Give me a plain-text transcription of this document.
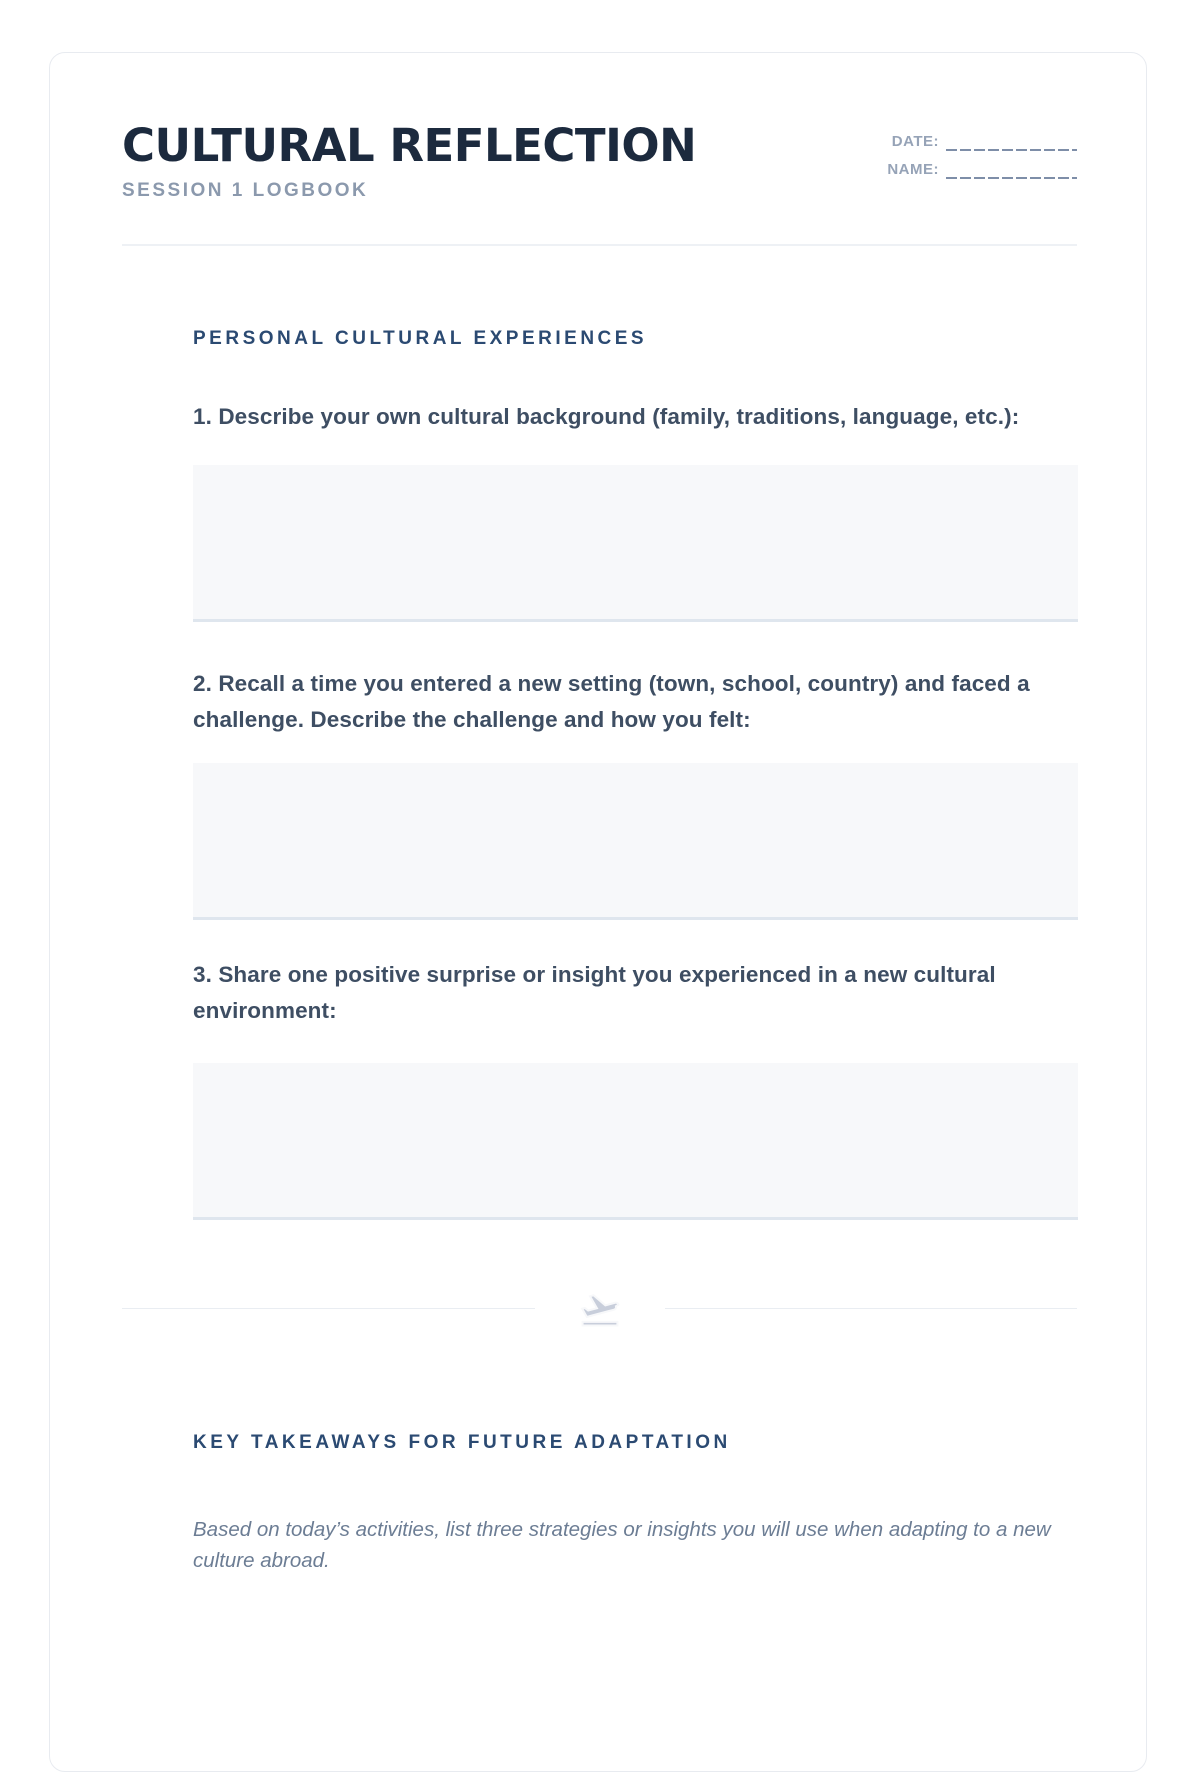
CULTURAL REFLECTION
SESSION 1 LOGBOOK
DATE:
NAME:
PERSONAL CULTURAL EXPERIENCES
1. Describe your own cultural background (family, traditions, language, etc.):
2. Recall a time you entered a new setting (town, school, country) and faced a challenge. Describe the challenge and how you felt:
3. Share one positive surprise or insight you experienced in a new cultural environment:
KEY TAKEAWAYS FOR FUTURE ADAPTATION
Based on today’s activities, list three strategies or insights you will use when adapting to a new culture abroad.
